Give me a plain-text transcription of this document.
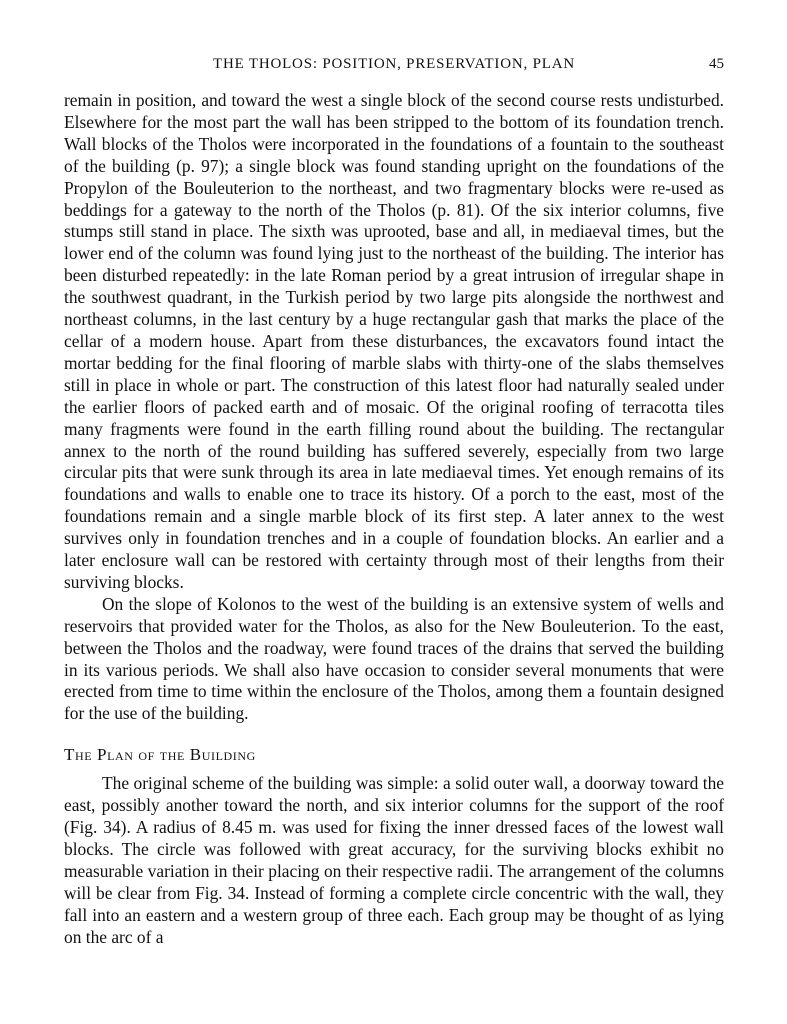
THE THOLOS: POSITION, PRESERVATION, PLAN	45

remain in position, and toward the west a single block of the second course rests undisturbed. Elsewhere for the most part the wall has been stripped to the bottom of its foundation trench. Wall blocks of the Tholos were incorporated in the foundations of a fountain to the southeast of the building (p. 97); a single block was found standing upright on the foundations of the Propylon of the Bouleuterion to the northeast, and two fragmentary blocks were re-used as beddings for a gateway to the north of the Tholos (p. 81). Of the six interior columns, five stumps still stand in place. The sixth was uprooted, base and all, in mediaeval times, but the lower end of the column was found lying just to the northeast of the building. The interior has been disturbed repeatedly: in the late Roman period by a great intrusion of irregular shape in the southwest quadrant, in the Turkish period by two large pits alongside the northwest and northeast columns, in the last century by a huge rectangular gash that marks the place of the cellar of a modern house. Apart from these disturbances, the excavators found intact the mortar bedding for the final flooring of marble slabs with thirty-one of the slabs themselves still in place in whole or part. The construction of this latest floor had naturally sealed under the earlier floors of packed earth and of mosaic. Of the original roofing of terracotta tiles many fragments were found in the earth filling round about the building. The rectangular annex to the north of the round building has suffered severely, especially from two large circular pits that were sunk through its area in late mediaeval times. Yet enough remains of its foundations and walls to enable one to trace its history. Of a porch to the east, most of the foundations remain and a single marble block of its first step. A later annex to the west survives only in foundation trenches and in a couple of foundation blocks. An earlier and a later enclosure wall can be restored with certainty through most of their lengths from their surviving blocks.

On the slope of Kolonos to the west of the building is an extensive system of wells and reservoirs that provided water for the Tholos, as also for the New Bouleuterion. To the east, between the Tholos and the roadway, were found traces of the drains that served the building in its various periods. We shall also have occasion to consider several monuments that were erected from time to time within the enclosure of the Tholos, among them a fountain designed for the use of the building.

The Plan of the Building

The original scheme of the building was simple: a solid outer wall, a doorway toward the east, possibly another toward the north, and six interior columns for the support of the roof (Fig. 34). A radius of 8.45 m. was used for fixing the inner dressed faces of the lowest wall blocks. The circle was followed with great accuracy, for the surviving blocks exhibit no measurable variation in their placing on their respective radii. The arrangement of the columns will be clear from Fig. 34. Instead of forming a complete circle concentric with the wall, they fall into an eastern and a western group of three each. Each group may be thought of as lying on the arc of a
